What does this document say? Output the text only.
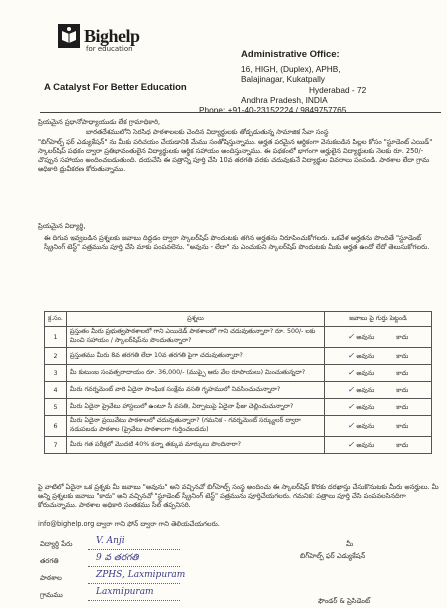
Bighelp
for education
A Catalyst For Better Education
Administrative Office:
16, HIGH, (Duplex), APHB,
Balajinagar, Kukatpally
Hyderabad - 72
Andhra Pradesh, INDIA
Phone: +91-40-23152224 / 9849757765
ప్రియమైన ప్రధానోపాధ్యాయుడు లేక గ్రామాధికారి,
బారతదేశములోని సెరసిధ పాఠశాలలకు చెందిన విద్యార్థులకు తోడ్పడుతున్న సామాజిక సేవా సంస్థ
"బిగ్‌హెల్ప్ ఫర్ ఎడ్యుకేషన్" ను మీకు పరిచయం చేయడానికి మేము సంతోషిస్తున్నాము. అర్హత పరమైన ఆర్థికంగా వెనుకబడిన పిల్లల కోసం "స్టూడెంట్ ఎయిడ్" స్కాలర్‌షిప్ పథకం ద్వారా ప్రతిభావంతులైన విద్యార్థులకు ఆర్థిక సహాయం అందిస్తున్నాము. ఈ పథకంలో భాగంగా అర్హులైన విద్యార్థులకు నెలకు రూ. 250/- చొప్పున సహాయం అందించబడుతుంది. దయచేసి ఈ పత్రాన్ని పూర్తి చేసి 10వ తరగతి వరకు చదువుకునే విద్యార్థుల వివరాలు పంపండి. పాఠశాల లేదా గ్రామ అధికారి ధ్రువీకరణ కోరుతున్నాము.
ప్రియమైన విద్యార్థి,
ఈ దిగువ ఇవ్వబడిన ప్రశ్నలకు జవాబు దిద్దడం ద్వారా స్కాలర్‌షిప్ పొందుటకు తగిన అర్హతను నిరూపించుకోగలరు. ఒకవేళ అర్హతను పొందితే "స్టూడెంట్ స్క్రీనింగ్ టెస్ట్" పత్రమును పూర్తి చేసి మాకు పంపవలెను. "అవును - లేదా" ను ఎంచుకుని స్కాలర్‌షిప్ పొందుటకు మీకు అర్హత ఉందో లేదో తెలుసుకోగలరు.
క్ర.సం.	ప్రశ్నలు	జవాబు పై గుర్తు పెట్టండి
1	ప్రస్తుతం మీరు ప్రభుత్వపాఠశాలలో గాని ఎయిడెడ్ పాఠశాలలో గాని చదువుతున్నారా? రూ. 500/- లకు మించి సహాయం / స్కాలర్‌షిప్‌ను పొందుతున్నారా?	✓ అవును కాదు
2	ప్రస్తుతము మీరు 8వ తరగతి లేదా 10వ తరగతి పైగా చదువుతున్నారా?	✓ అవును కాదు
3	మీ కుటుంబ సంవత్సరాదాయం రూ. 36,000/- (ముప్పై ఆరు వేల రూపాయలు) మించుతున్నదా?	✓ అవును కాదు
4	మీరు గవర్నమెంట్ వారి ఏదైనా సాంఘిక సంక్షేమ వసతి గృహములో నివసించుచున్నారా?	✓ అవును కాదు
5	మీరు ఏదైనా ప్రైవేటు హాస్టలులో ఉంటూ సీ వసతి, ఏర్పాటుపై ఏదైనా ఫీజు చెల్లించుచున్నారా?	✓ అవును కాదు
6	మీరు ఏదైనా ప్రయివేటు పాఠశాలలో చదువుతున్నారా? (గమనిక - గవర్నమెంట్ సర్క్యులర్ ద్వారా నడుపబడు పాఠశాల (ప్రైవేటు పాఠశాలగా గుర్తించబడదు)	✓ అవును కాదు
7	మీరు గత పరీక్షలో మొదటి 40% కన్నా తక్కువ మార్కులు పొందినారా?	✓ అవును కాదు
పై వాటిలో ఏదైనా ఒక ప్రశ్నకు మీ జవాబు "అవును" అని వచ్చినచో బిగ్‌హెల్ప్ సంస్థ అందించు ఈ స్కాలర్‌షిప్ కొరకు దరఖాస్తు చేసుకొనుటకు మీరు అనర్హులు. మీ అన్ని ప్రశ్నలకు జవాబు "కాదు" అని వచ్చినచో "స్టూడెంట్ స్క్రీనింగ్ టెస్ట్" పత్రమును పూర్తిచేయగలరు. గమనిక: పత్రాలు పూర్తి చేసి పంపవలసినదిగా కోరుచున్నాము. పాఠశాల అధికారి సంతకము సీల్ తప్పనిసరి.
info@bighelp.org ద్వారా గాని ఫోన్ ద్వారా గాని తెలియచేయగలరు.
విద్యార్థి పేరు	V. Anji
తరగతి	9 వ తరగతి
పాఠశాల	ZPHS, Laxmipuram
గ్రామము	Laxmipuram
మీ
బిగ్‌హెల్ప్ ఫర్ ఎడ్యుకేషన్
ఫౌండర్ & ప్రెసిడెంట్
